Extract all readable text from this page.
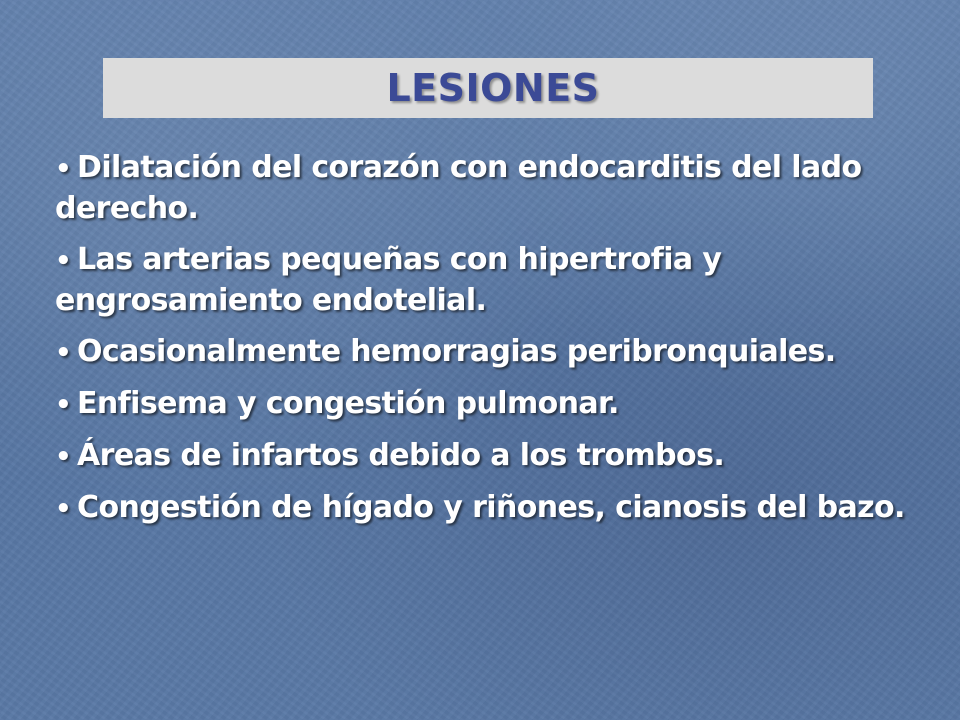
LESIONES
• Dilatación del corazón con endocarditis del lado derecho.
• Las arterias pequeñas con hipertrofia y engrosamiento endotelial.
• Ocasionalmente hemorragias peribronquiales.
• Enfisema y congestión pulmonar.
• Áreas de infartos debido a los trombos.
• Congestión de hígado y riñones, cianosis del bazo.
